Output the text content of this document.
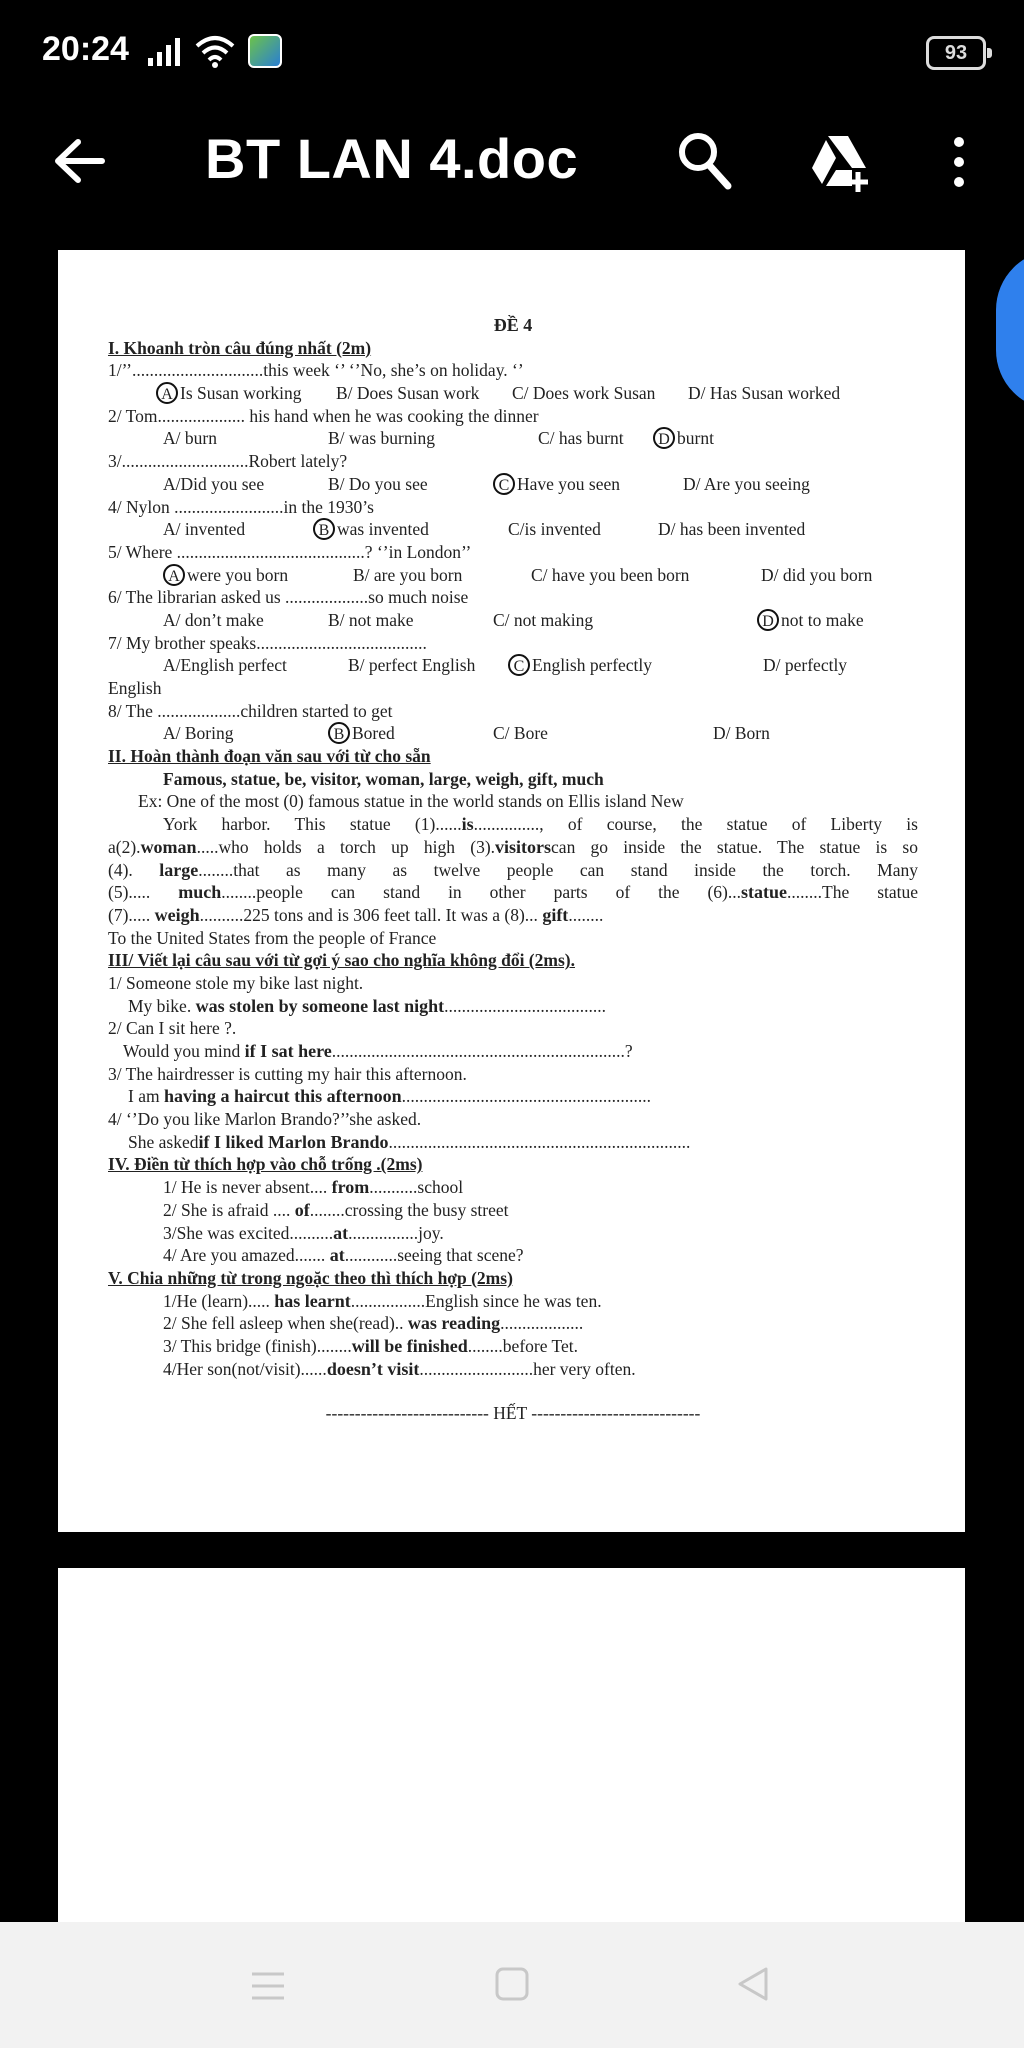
20:24	93
BT LAN 4.doc
ĐỀ 4
I. Khoanh tròn câu đúng nhất (2m)
1/’’..............................this week ‘’ ‘’No, she’s on holiday. ‘’
A Is Susan working	B/ Does Susan work	C/ Does work Susan	D/ Has Susan worked
2/ Tom.................... his hand when he was cooking the dinner
A/ burn	B/ was burning	C/ has burnt	D burnt
3/.............................Robert lately?
A/Did you see	B/ Do you see	C Have you seen	D/ Are you seeing
4/ Nylon .........................in the 1930’s
A/ invented	B was invented	C/is invented	D/ has been invented
5/ Where ...........................................? ‘’in London’’
A were you born	B/ are you born	C/ have you been born	D/ did you born
6/ The librarian asked us ...................so much noise
A/ don’t make	B/ not make	C/ not making	D not to make
7/ My brother speaks.......................................
A/English perfect	B/ perfect English	C English perfectly	D/ perfectly
English
8/ The ...................children started to get
A/ Boring	B Bored	C/ Bore	D/ Born
II. Hoàn thành đoạn văn sau với từ cho sẵn
Famous, statue, be, visitor, woman, large, weigh, gift, much
Ex: One of the most (0) famous statue in the world stands on Ellis island New
York harbor. This statue (1)......is..............., of course, the statue of Liberty is
a(2).woman.....who holds a torch up high (3).visitorscan go inside the statue. The statue is so
(4). large........that as many as twelve people can stand inside the torch. Many
(5)..... much........people can stand in other parts of the (6)...statue........The statue
(7)..... weigh..........225 tons and is 306 feet tall. It was a (8)... gift........
To the United States from the people of France
III/ Viết lại câu sau với từ gợi ý sao cho nghĩa không đổi (2ms).
1/ Someone stole my bike last night.
My bike. was stolen by someone last night.....................................
2/ Can I sit here ?.
Would you mind if I sat here...................................................................?
3/ The hairdresser is cutting my hair this afternoon.
I am having a haircut this afternoon.........................................................
4/ ‘’Do you like Marlon Brando?’’she asked.
She askedif I liked Marlon Brando.....................................................................
IV. Điền từ thích hợp vào chỗ trống .(2ms)
1/ He is never absent.... from...........school
2/ She is afraid .... of........crossing the busy street
3/She was excited..........at................joy.
4/ Are you amazed....... at............seeing that scene?
V. Chia những từ trong ngoặc theo thì thích hợp (2ms)
1/He (learn)..... has learnt.................English since he was ten.
2/ She fell asleep when she(read).. was reading...................
3/ This bridge (finish)........will be finished........before Tet.
4/Her son(not/visit)......doesn’t visit..........................her very often.
---------------------------- HẾT -----------------------------
